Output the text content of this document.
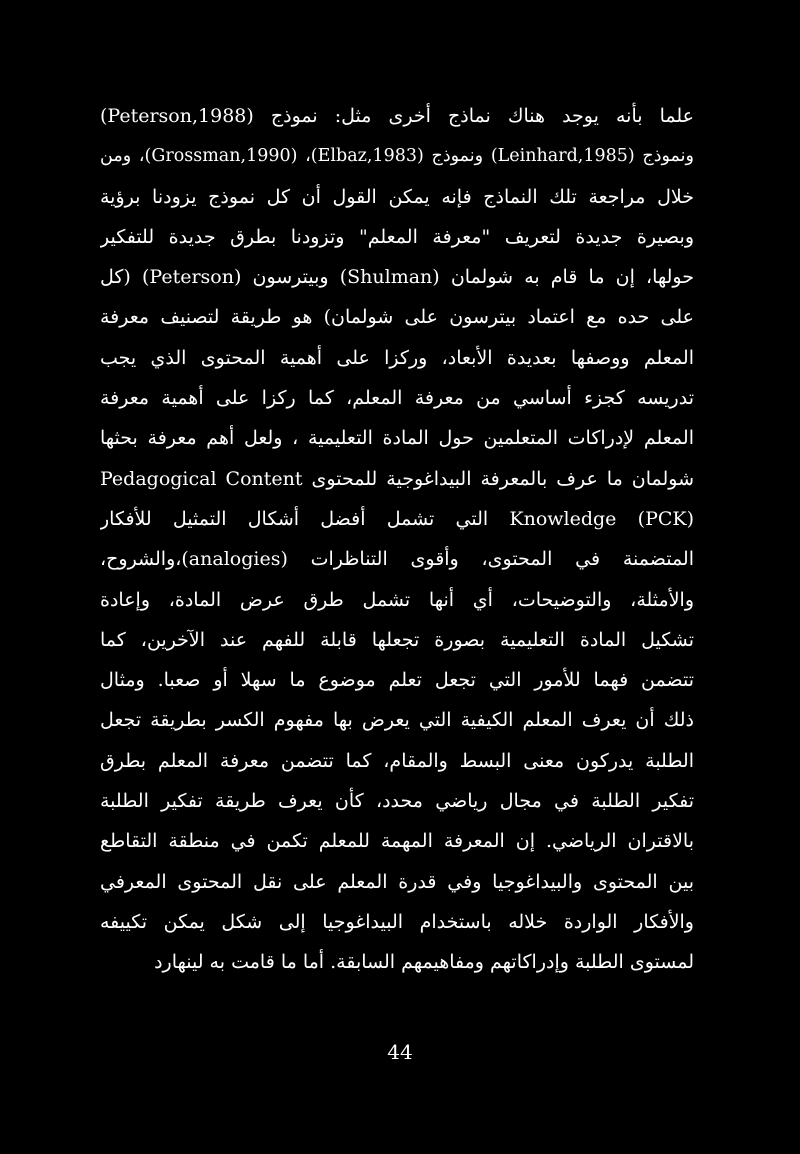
علما بأنه يوجد هناك نماذج أخرى مثل: نموذج (Peterson,1988)
ونموذج (Leinhard,1985) ونموذج (Elbaz,1983)، (Grossman,1990)، ومن
خلال مراجعة تلك النماذج فإنه يمكن القول أن كل نموذج يزودنا برؤية
وبصيرة جديدة لتعريف "معرفة المعلم" وتزودنا بطرق جديدة للتفكير
حولها، إن ما قام به شولمان (Shulman) وبيترسون (Peterson) (كل
على حده مع اعتماد بيترسون على شولمان) هو طريقة لتصنيف معرفة
المعلم ووصفها بعديدة الأبعاد، وركزا على أهمية المحتوى الذي يجب
تدريسه كجزء أساسي من معرفة المعلم، كما ركزا على أهمية معرفة
المعلم لإدراكات المتعلمين حول المادة التعليمية ، ولعل أهم معرفة بحثها
شولمان ما عرف بالمعرفة البيداغوجية للمحتوى Pedagogical Content
Knowledge (PCK) التي تشمل أفضل أشكال التمثيل للأفكار
المتضمنة في المحتوى، وأقوى التناظرات (analogies)،والشروح،
والأمثلة، والتوضيحات، أي أنها تشمل طرق عرض المادة، وإعادة
تشكيل المادة التعليمية بصورة تجعلها قابلة للفهم عند الآخرين، كما
تتضمن فهما للأمور التي تجعل تعلم موضوع ما سهلا أو صعبا. ومثال
ذلك أن يعرف المعلم الكيفية التي يعرض بها مفهوم الكسر بطريقة تجعل
الطلبة يدركون معنى البسط والمقام، كما تتضمن معرفة المعلم بطرق
تفكير الطلبة في مجال رياضي محدد، كأن يعرف طريقة تفكير الطلبة
بالاقتران الرياضي. إن المعرفة المهمة للمعلم تكمن في منطقة التقاطع
بين المحتوى والبيداغوجيا وفي قدرة المعلم على نقل المحتوى المعرفي
والأفكار الواردة خلاله باستخدام البيداغوجيا إلى شكل يمكن تكييفه
لمستوى الطلبة وإدراكاتهم ومفاهيمهم السابقة. أما ما قامت به لينهارد
44
